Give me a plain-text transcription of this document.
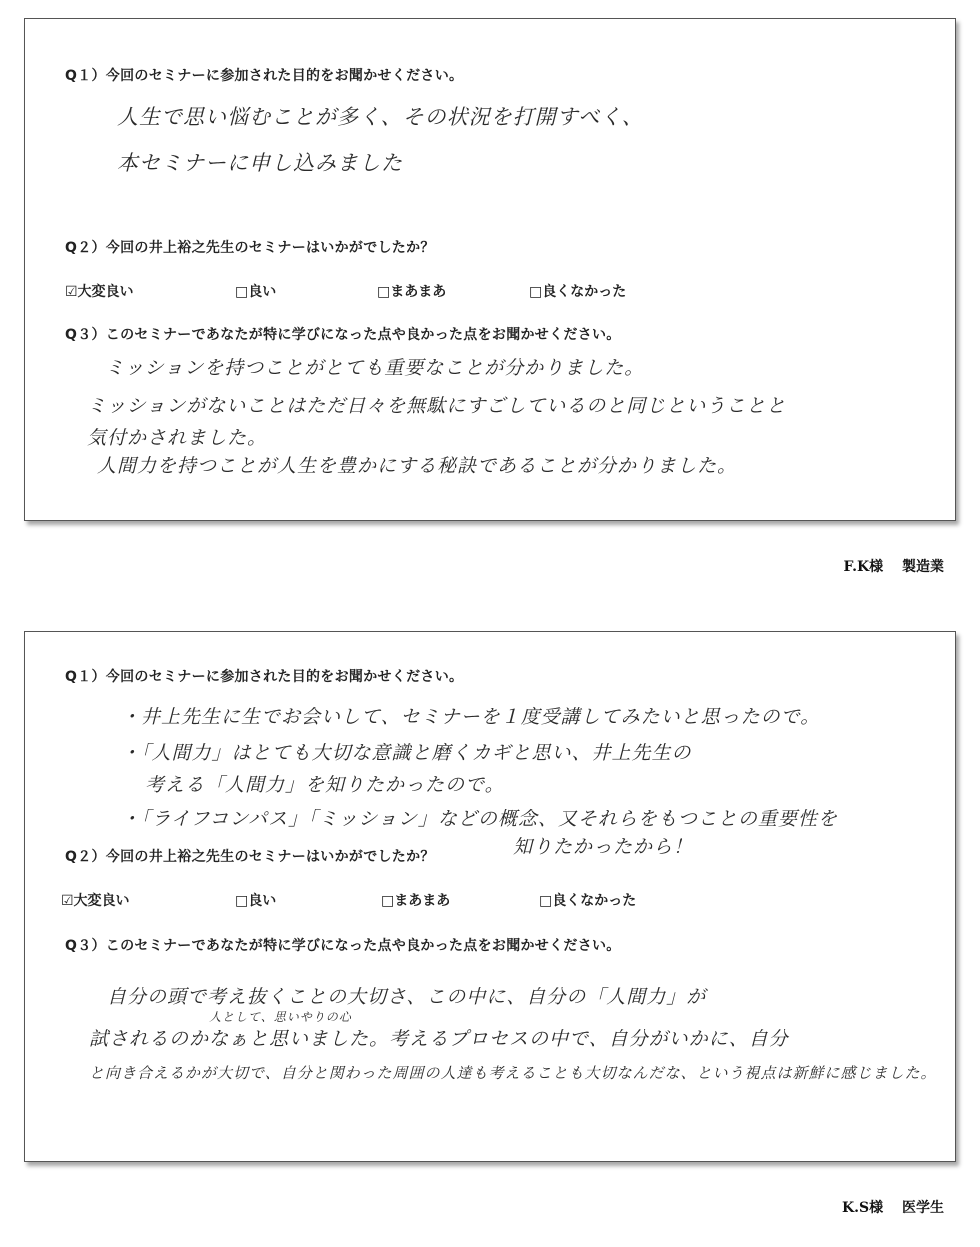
Q１）今回のセミナーに参加された目的をお聞かせください。
人生で思い悩むことが多く、その状況を打開すべく、
本セミナーに申し込みました
Q２）今回の井上裕之先生のセミナーはいかがでしたか？
☑大変良い	□良い	□まあまあ	□良くなかった
Q３）このセミナーであなたが特に学びになった点や良かった点をお聞かせください。
ミッションを持つことがとても重要なことが分かりました。
ミッションがないことはただ日々を無駄にすごしているのと同じということと
気付かされました。
人間力を持つことが人生を豊かにする秘訣であることが分かりました。
F.K様 製造業
Q１）今回のセミナーに参加された目的をお聞かせください。
・井上先生に生でお会いして、セミナーを１度受講してみたいと思ったので。
・「人間力」はとても大切な意識と磨くカギと思い、井上先生の
考える「人間力」を知りたかったので。
・「ライフコンパス」「ミッション」などの概念、又それらをもつことの重要性を
知りたかったから！
Q２）今回の井上裕之先生のセミナーはいかがでしたか？
☑大変良い	□良い	□まあまあ	□良くなかった
Q３）このセミナーであなたが特に学びになった点や良かった点をお聞かせください。
自分の頭で考え抜くことの大切さ、この中に、自分の「人間力」が
人として、思いやりの心
試されるのかなぁと思いました。考えるプロセスの中で、自分がいかに、自分
と向き合えるかが大切で、自分と関わった周囲の人達も考えることも大切なんだな、という視点は新鮮に感じました。
K.S様 医学生
